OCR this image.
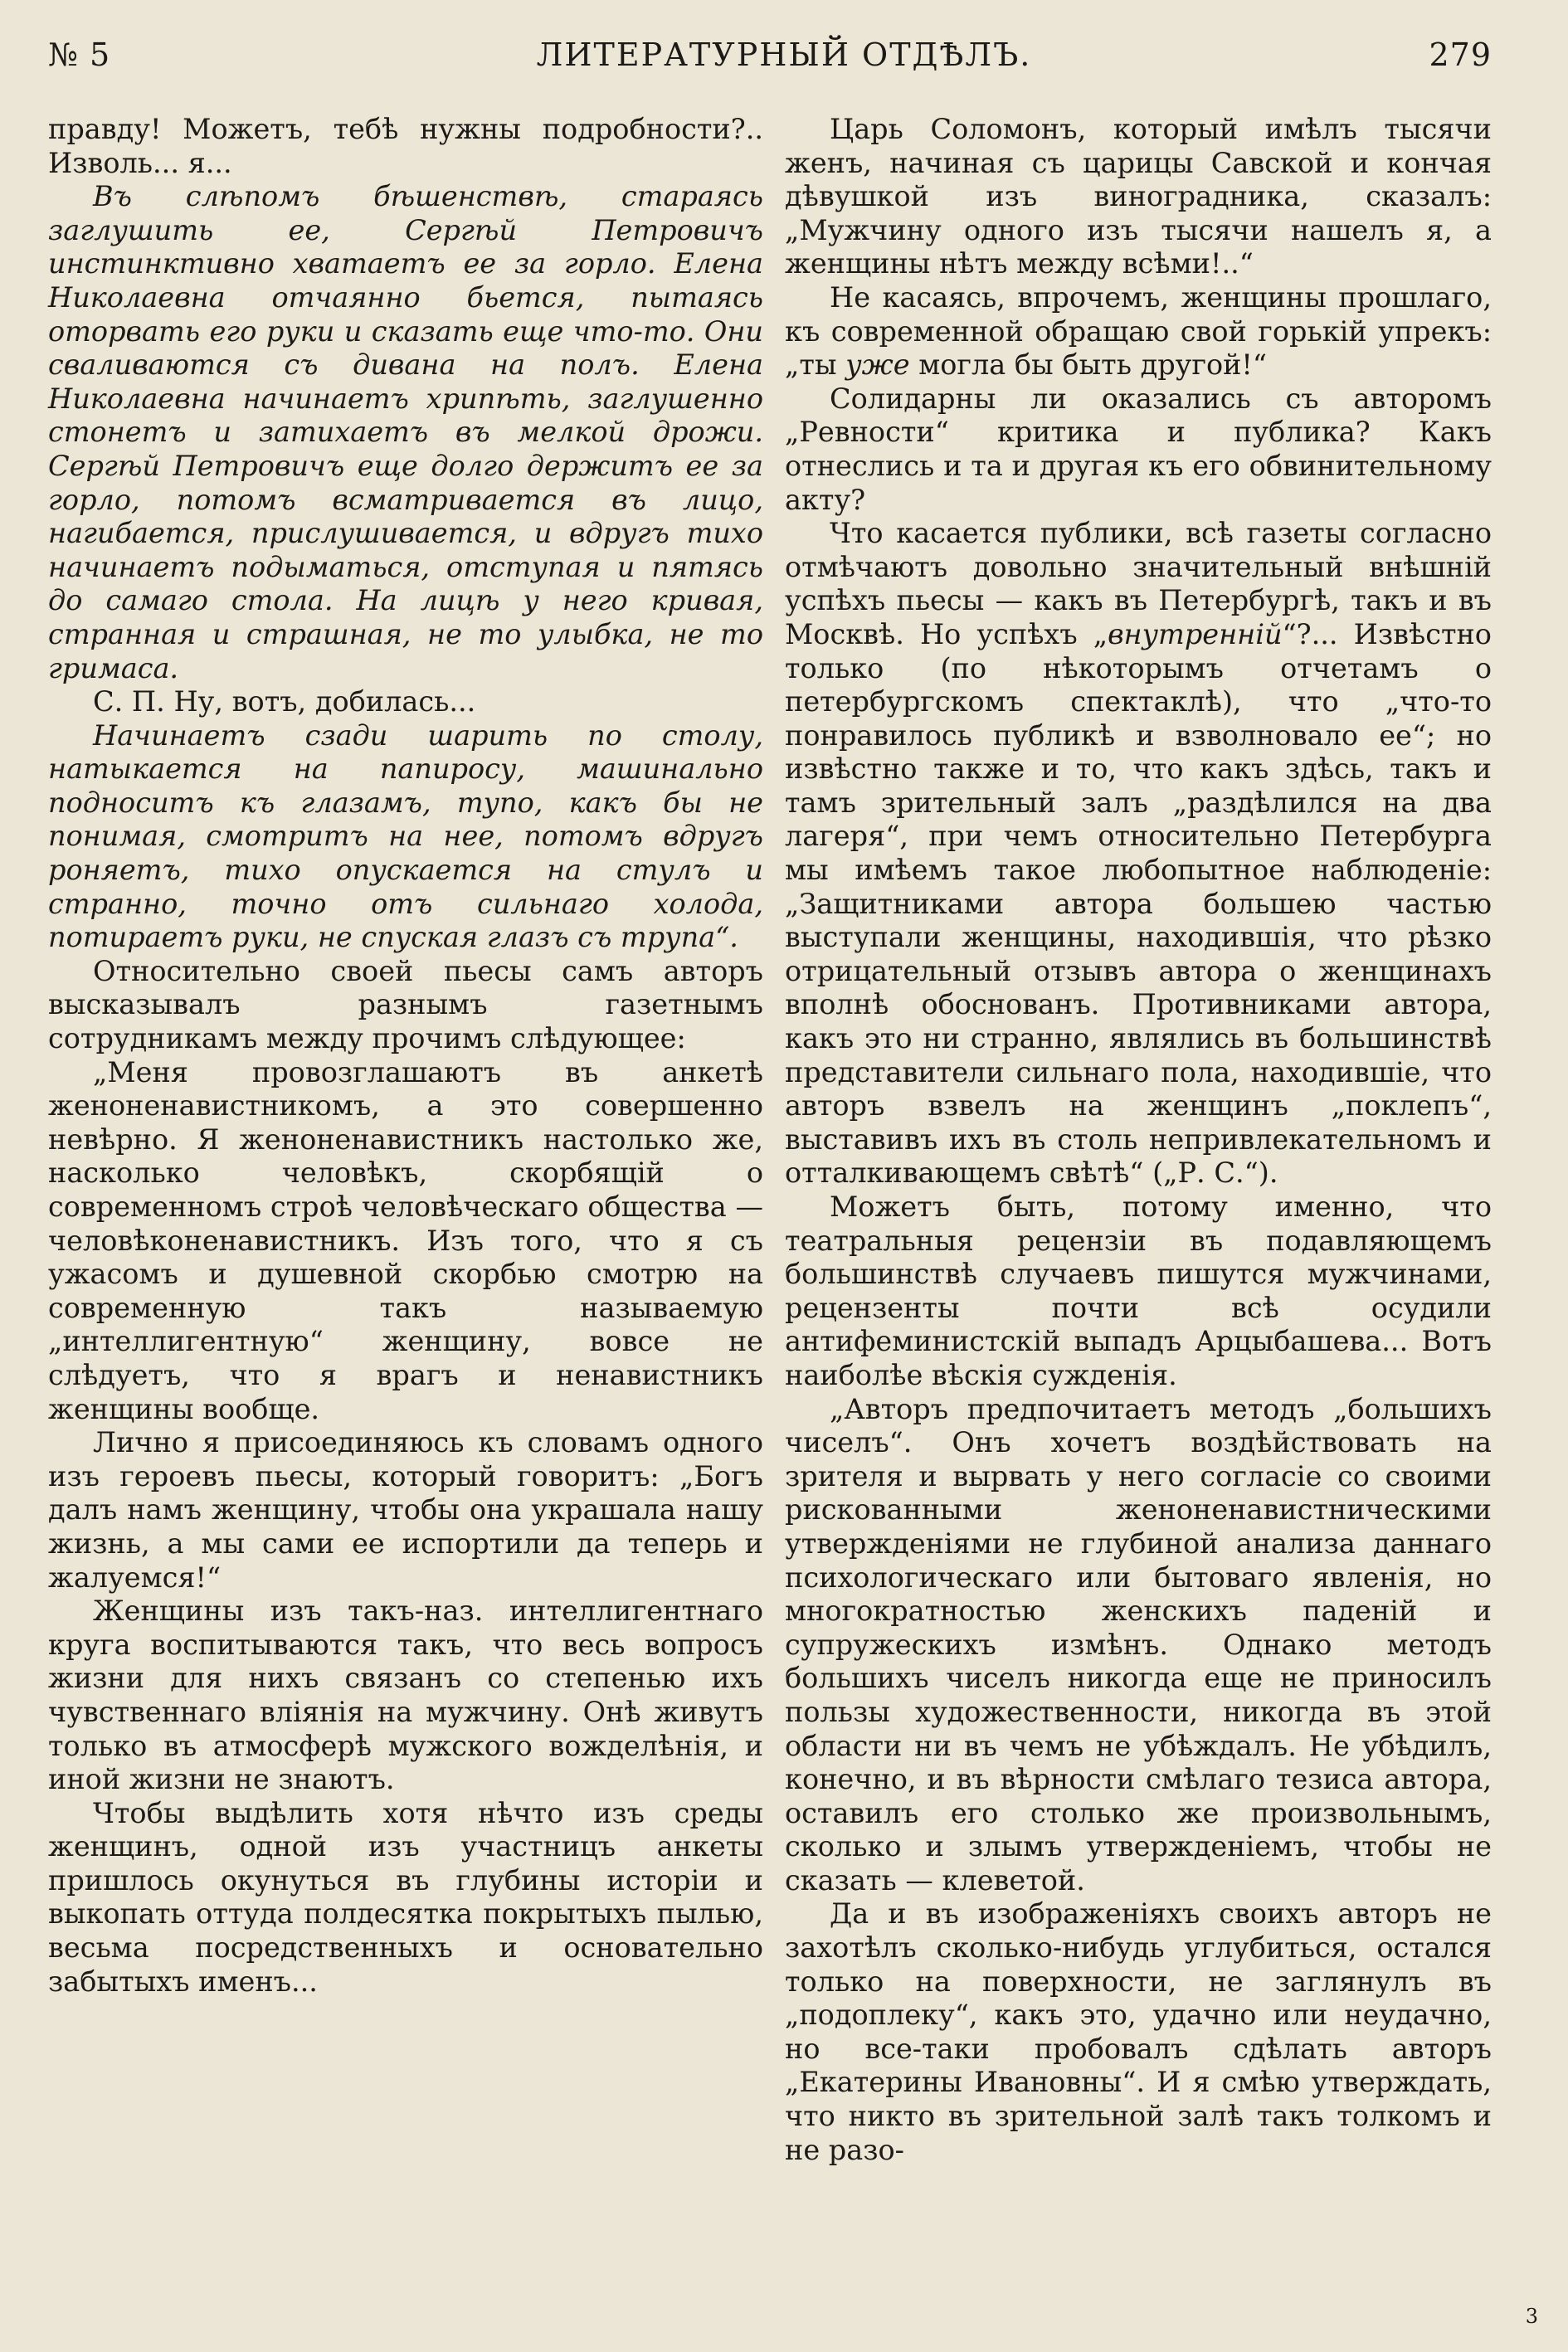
№ 5	ЛИТЕРАТУРНЫЙ ОТДѢЛЪ.	279

правду! Можетъ, тебѣ нужны подробности?.. Изволь... я...

Въ слѣпомъ бѣшенствѣ, стараясь заглушить ее, Сергѣй Петровичъ инстинктивно хватаетъ ее за горло. Елена Николаевна отчаянно бьется, пытаясь оторвать его руки и сказать еще что-то. Они сваливаются съ дивана на полъ. Елена Николаевна начинаетъ хрипѣть, заглушенно стонетъ и затихаетъ въ мелкой дрожи. Сергѣй Петровичъ еще долго держитъ ее за горло, потомъ всматривается въ лицо, нагибается, прислушивается, и вдругъ тихо начинаетъ подыматься, отступая и пятясь до самаго стола. На лицѣ у него кривая, странная и страшная, не то улыбка, не то гримаса.

С. П. Ну, вотъ, добилась...

Начинаетъ сзади шарить по столу, натыкается на папиросу, машинально подноситъ къ глазамъ, тупо, какъ бы не понимая, смотритъ на нее, потомъ вдругъ роняетъ, тихо опускается на стулъ и странно, точно отъ сильнаго холода, потираетъ руки, не спуская глазъ съ трупа“.

Относительно своей пьесы самъ авторъ высказывалъ разнымъ газетнымъ сотрудникамъ между прочимъ слѣдующее:

„Меня провозглашаютъ въ анкетѣ женоненавистникомъ, а это совершенно невѣрно. Я женоненавистникъ настолько же, насколько человѣкъ, скорбящій о современномъ строѣ человѣческаго общества — человѣконенавистникъ. Изъ того, что я съ ужасомъ и душевной скорбью смотрю на современную такъ называемую „интеллигентную“ женщину, вовсе не слѣдуетъ, что я врагъ и ненавистникъ женщины вообще.

Лично я присоединяюсь къ словамъ одного изъ героевъ пьесы, который говоритъ: „Богъ далъ намъ женщину, чтобы она украшала нашу жизнь, а мы сами ее испортили да теперь и жалуемся!“

Женщины изъ такъ-наз. интеллигентнаго круга воспитываются такъ, что весь вопросъ жизни для нихъ связанъ со степенью ихъ чувственнаго вліянія на мужчину. Онѣ живутъ только въ атмосферѣ мужского вожделѣнія, и иной жизни не знаютъ.

Чтобы выдѣлить хотя нѣчто изъ среды женщинъ, одной изъ участницъ анкеты пришлось окунуться въ глубины исторіи и выкопать оттуда полдесятка покрытыхъ пылью, весьма посредственныхъ и основательно забытыхъ именъ...

Царь Соломонъ, который имѣлъ тысячи женъ, начиная съ царицы Савской и кончая дѣвушкой изъ виноградника, сказалъ: „Мужчину одного изъ тысячи нашелъ я, а женщины нѣтъ между всѣми!..“

Не касаясь, впрочемъ, женщины прошлаго, къ современной обращаю свой горькій упрекъ: „ты уже могла бы быть другой!“

Солидарны ли оказались съ авторомъ „Ревности“ критика и публика? Какъ отнеслись и та и другая къ его обвинительному акту?

Что касается публики, всѣ газеты согласно отмѣчаютъ довольно значительный внѣшній успѣхъ пьесы — какъ въ Петербургѣ, такъ и въ Москвѣ. Но успѣхъ „внутренній“?... Извѣстно только (по нѣкоторымъ отчетамъ о петербургскомъ спектаклѣ), что „что-то понравилось публикѣ и взволновало ее“; но извѣстно также и то, что какъ здѣсь, такъ и тамъ зрительный залъ „раздѣлился на два лагеря“, при чемъ относительно Петербурга мы имѣемъ такое любопытное наблюденіе: „Защитниками автора большею частью выступали женщины, находившія, что рѣзко отрицательный отзывъ автора о женщинахъ вполнѣ обоснованъ. Противниками автора, какъ это ни странно, являлись въ большинствѣ представители сильнаго пола, находившіе, что авторъ взвелъ на женщинъ „поклепъ“, выставивъ ихъ въ столь непривлекательномъ и отталкивающемъ свѣтѣ“ („Р. С.“).

Можетъ быть, потому именно, что театральныя рецензіи въ подавляющемъ большинствѣ случаевъ пишутся мужчинами, рецензенты почти всѣ осудили антифеминистскій выпадъ Арцыбашева... Вотъ наиболѣе вѣскія сужденія.

„Авторъ предпочитаетъ методъ „большихъ чиселъ“. Онъ хочетъ воздѣйствовать на зрителя и вырвать у него согласіе со своими рискованными женоненавистническими утвержденіями не глубиной анализа даннаго психологическаго или бытоваго явленія, но многократностью женскихъ паденій и супружескихъ измѣнъ. Однако методъ большихъ чиселъ никогда еще не приносилъ пользы художественности, никогда въ этой области ни въ чемъ не убѣждалъ. Не убѣдилъ, конечно, и въ вѣрности смѣлаго тезиса автора, оставилъ его столько же произвольнымъ, сколько и злымъ утвержденіемъ, чтобы не сказать — клеветой.

Да и въ изображеніяхъ своихъ авторъ не захотѣлъ сколько-нибудь углубиться, остался только на поверхности, не заглянулъ въ „подоплеку“, какъ это, удачно или неудачно, но все-таки пробовалъ сдѣлать авторъ „Екатерины Ивановны“. И я смѣю утверждать, что никто въ зрительной залѣ такъ толкомъ и не разо-

3
